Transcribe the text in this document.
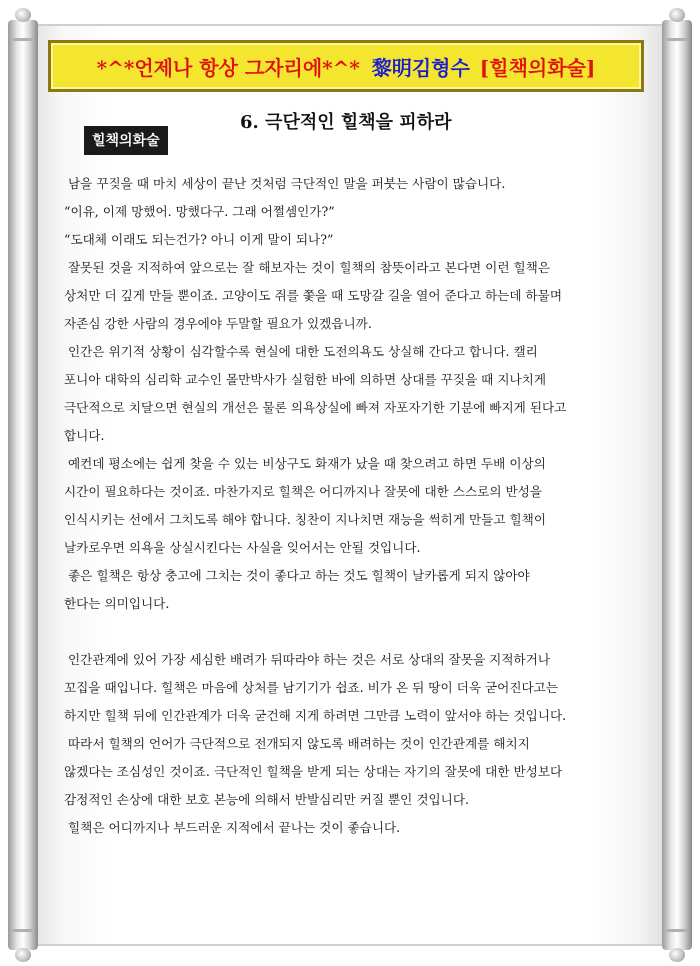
*^*언제나 항상 그자리에*^* 黎明김형수 [힐책의화술]
6. 극단적인 힐책을 피하라
힐책의화술
남을 꾸짖을 때 마치 세상이 끝난 것처럼 극단적인 말을 퍼붓는 사람이 많습니다.
“이유, 이제 망했어. 망했다구. 그래 어쩔셈인가?”
“도대체 이래도 되는건가? 아니 이게 말이 되나?”
잘못된 것을 지적하여 앞으로는 잘 해보자는 것이 힐책의 참뜻이라고 본다면 이런 힐책은
상처만 더 깊게 만들 뿐이죠. 고양이도 쥐를 쫓을 때 도망갈 길을 열어 준다고 하는데 하물며
자존심 강한 사람의 경우에야 두말할 필요가 있겠읍니까.
인간은 위기적 상황이 심각할수록 현실에 대한 도전의욕도 상실해 간다고 합니다. 캘리
포니아 대학의 심리학 교수인 몰만박사가 실험한 바에 의하면 상대를 꾸짖을 때 지나치게
극단적으로 치달으면 현실의 개선은 물론 의욕상실에 빠져 자포자기한 기분에 빠지게 된다고
합니다.
예컨데 평소에는 쉽게 찾을 수 있는 비상구도 화재가 났을 때 찾으려고 하면 두배 이상의
시간이 필요하다는 것이죠. 마찬가지로 힐책은 어디까지나 잘못에 대한 스스로의 반성을
인식시키는 선에서 그치도록 해야 합니다. 칭찬이 지나치면 재능을 썩히게 만들고 힐책이
날카로우면 의욕을 상실시킨다는 사실을 잊어서는 안될 것입니다.
좋은 힐책은 항상 충고에 그치는 것이 좋다고 하는 것도 힐책이 날카롭게 되지 않아야
한다는 의미입니다.
인간관계에 있어 가장 세심한 배려가 뒤따라야 하는 것은 서로 상대의 잘못을 지적하거나
꼬집을 때입니다. 힐책은 마음에 상처를 남기기가 쉽죠. 비가 온 뒤 땅이 더욱 굳어진다고는
하지만 힐책 뒤에 인간관계가 더욱 굳건해 지게 하려면 그만큼 노력이 앞서야 하는 것입니다.
따라서 힐책의 언어가 극단적으로 전개되지 않도록 배려하는 것이 인간관계를 해치지
않겠다는 조심성인 것이죠. 극단적인 힐책을 받게 되는 상대는 자기의 잘못에 대한 반성보다
감정적인 손상에 대한 보호 본능에 의해서 반발심리만 커질 뿐인 것입니다.
힐책은 어디까지나 부드러운 지적에서 끝나는 것이 좋습니다.
